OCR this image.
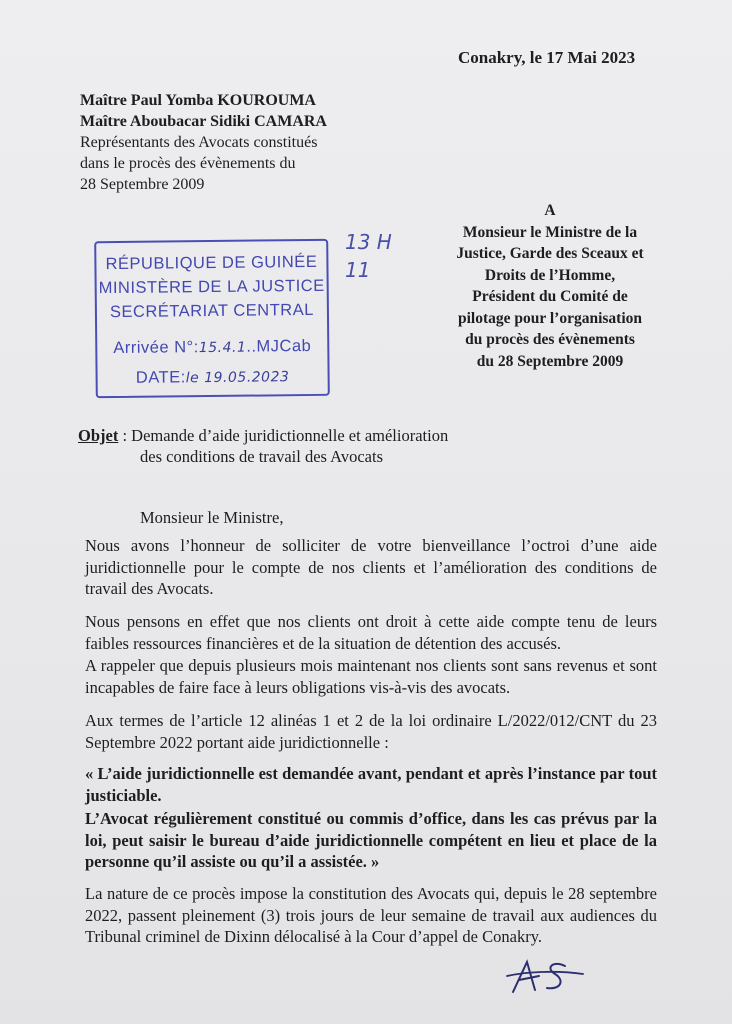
Conakry, le 17 Mai 2023
Maître Paul Yomba KOUROUMA
Maître Aboubacar Sidiki CAMARA
Représentants des Avocats constitués
dans le procès des évènements du
28 Septembre 2009
A
Monsieur le Ministre de la
Justice, Garde des Sceaux et
Droits de l’Homme,
Président du Comité de
pilotage pour l’organisation
du procès des évènements
du 28 Septembre 2009
RÉPUBLIQUE DE GUINÉE
MINISTÈRE DE LA JUSTICE
SECRÉTARIAT CENTRAL
Arrivée N°:15.4.1..MJCab
DATE:le 19.05.2023
13 H
11
Objet : Demande d’aide juridictionnelle et amélioration
des conditions de travail des Avocats
Monsieur le Ministre,
Nous avons l’honneur de solliciter de votre bienveillance l’octroi d’une aide juridictionnelle pour le compte de nos clients et l’amélioration des conditions de travail des Avocats.
Nous pensons en effet que nos clients ont droit à cette aide compte tenu de leurs faibles ressources financières et de la situation de détention des accusés.
A rappeler que depuis plusieurs mois maintenant nos clients sont sans revenus et sont incapables de faire face à leurs obligations vis-à-vis des avocats.
Aux termes de l’article 12 alinéas 1 et 2 de la loi ordinaire L/2022/012/CNT du 23 Septembre 2022 portant aide juridictionnelle :
« L’aide juridictionnelle est demandée avant, pendant et après l’instance par tout justiciable.
L’Avocat régulièrement constitué ou commis d’office, dans les cas prévus par la loi, peut saisir le bureau d’aide juridictionnelle compétent en lieu et place de la personne qu’il assiste ou qu’il a assistée. »
La nature de ce procès impose la constitution des Avocats qui, depuis le 28 septembre 2022, passent pleinement (3) trois jours de leur semaine de travail aux audiences du Tribunal criminel de Dixinn délocalisé à la Cour d’appel de Conakry.
